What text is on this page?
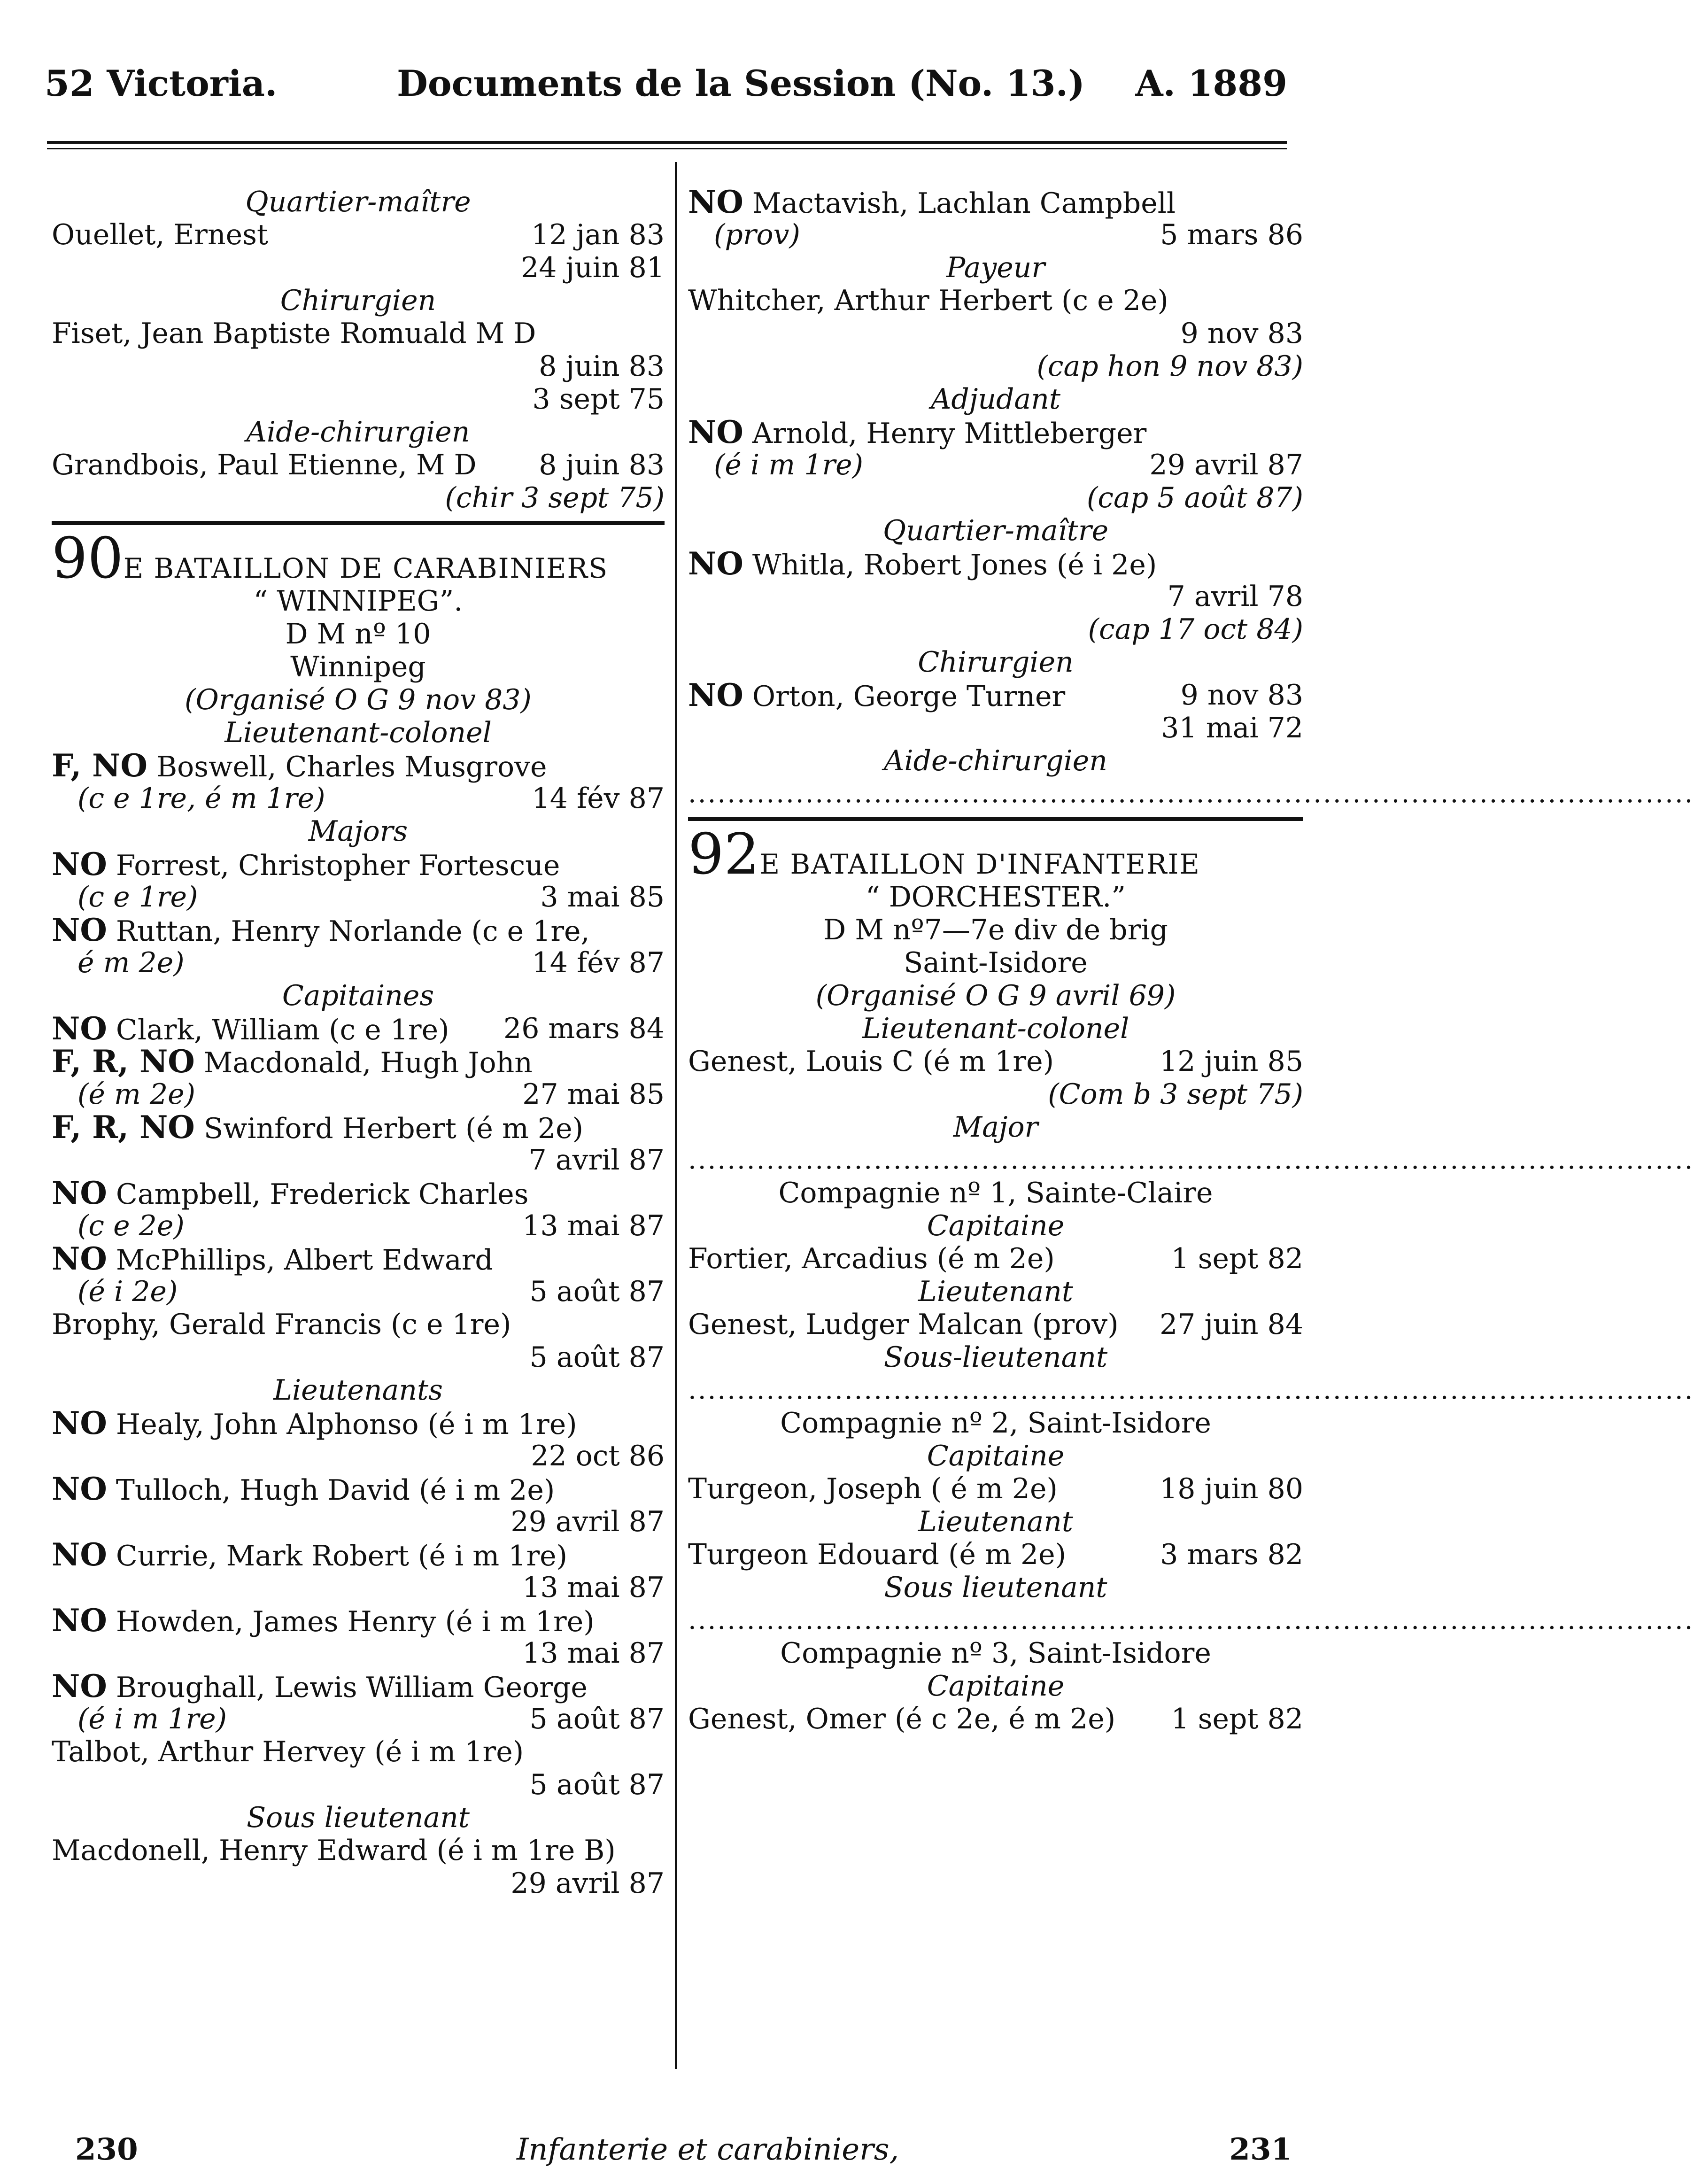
52 Victoria.	Documents de la Session (No. 13.) A. 1889
Quartier-maître
Ouellet, Ernest	12 jan 83
24 juin 81
Chirurgien
Fiset, Jean Baptiste Romuald M D
8 juin 83
3 sept 75
Aide-chirurgien
Grandbois, Paul Etienne, M D 8 juin 83
(chir 3 sept 75)
90E BATAILLON DE CARABINIERS
“ WINNIPEG”.
D M nº 10
Winnipeg
(Organisé O G 9 nov 83)
Lieutenant-colonel
F, NO Boswell, Charles Musgrove
(c e 1re, é m 1re)	14 fév 87
Majors
NO Forrest, Christopher Fortescue
(c e 1re)	3 mai 85
NO Ruttan, Henry Norlande (c e 1re,
é m 2e)	14 fév 87
Capitaines
NO Clark, William (c e 1re) 26 mars 84
F, R, NO Macdonald, Hugh John
(é m 2e)	27 mai 85
F, R, NO Swinford Herbert (é m 2e)
7 avril 87
NO Campbell, Frederick Charles
(c e 2e)	13 mai 87
NO McPhillips, Albert Edward
(é i 2e)	5 août 87
Brophy, Gerald Francis (c e 1re)
5 août 87
Lieutenants
NO Healy, John Alphonso (é i m 1re)
22 oct 86
NO Tulloch, Hugh David (é i m 2e)
29 avril 87
NO Currie, Mark Robert (é i m 1re)
13 mai 87
NO Howden, James Henry (é i m 1re)
13 mai 87
NO Broughall, Lewis William George
(é i m 1re)	5 août 87
Talbot, Arthur Hervey (é i m 1re)
5 août 87
Sous lieutenant
Macdonell, Henry Edward (é i m 1re B)
29 avril 87
NO Mactavish, Lachlan Campbell
(prov)	5 mars 86
Payeur
Whitcher, Arthur Herbert (c e 2e)
9 nov 83
(cap hon 9 nov 83)
Adjudant
NO Arnold, Henry Mittleberger
(é i m 1re)	29 avril 87
(cap 5 août 87)
Quartier-maître
NO Whitla, Robert Jones (é i 2e)
7 avril 78
(cap 17 oct 84)
Chirurgien
NO Orton, George Turner	9 nov 83
31 mai 72
Aide-chirurgien
.......................................................................................................
92E BATAILLON D'INFANTERIE
“ DORCHESTER.”
D M nº7—7e div de brig
Saint-Isidore
(Organisé O G 9 avril 69)
Lieutenant-colonel
Genest, Louis C (é m 1re)	12 juin 85
(Com b 3 sept 75)
Major
.......................................................................................................
Compagnie nº 1, Sainte-Claire
Capitaine
Fortier, Arcadius (é m 2e)	1 sept 82
Lieutenant
Genest, Ludger Malcan (prov) 27 juin 84
Sous-lieutenant
.......................................................................................................
Compagnie nº 2, Saint-Isidore
Capitaine
Turgeon, Joseph ( é m 2e)	18 juin 80
Lieutenant
Turgeon Edouard (é m 2e)	3 mars 82
Sous lieutenant
.......................................................................................................
Compagnie nº 3, Saint-Isidore
Capitaine
Genest, Omer (é c 2e, é m 2e) 1 sept 82
230	Infanterie et carabiniers,	231
